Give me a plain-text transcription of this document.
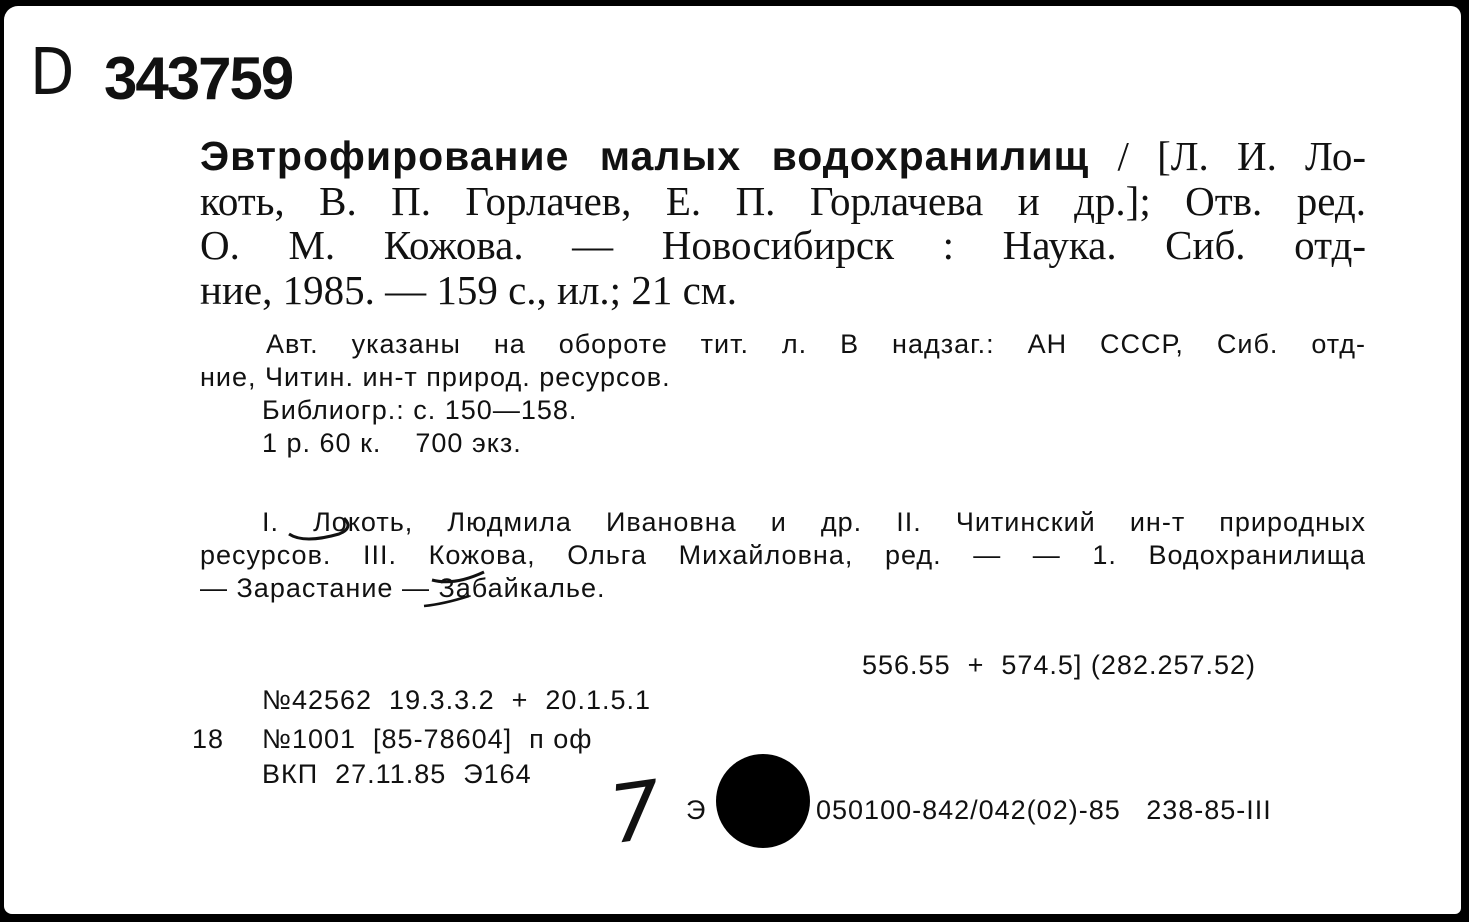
D 343759
Эвтрофирование малых водохранилищ / [Л. И. Ло-
коть, В. П. Горлачев, Е. П. Горлачева и др.]; Отв. ред.
О. М. Кожова. — Новосибирск : Наука. Сиб. отд-
ние, 1985. — 159 с., ил.; 21 см.
Авт. указаны на обороте тит. л. В надзаг.: АН СССР, Сиб. отд-
ние, Читин. ин-т природ. ресурсов.
Библиогр.: с. 150—158.
1 р. 60 к.    700 экз.
I. Локоть, Людмила Ивановна и др. II. Читинский ин-т природных
ресурсов. III. Кожова, Ольга Михайловна, ред. — — 1. Водохранилища
— Зарастание — Забайкалье.
556.55  +  574.5] (282.257.52)
№42562  19.3.3.2  +  20.1.5.1
18 №1001  [85-78604]  п оф
ВКП  27.11.85  Э164 7 Э	050100-842/042(02)-85   238-85-III
